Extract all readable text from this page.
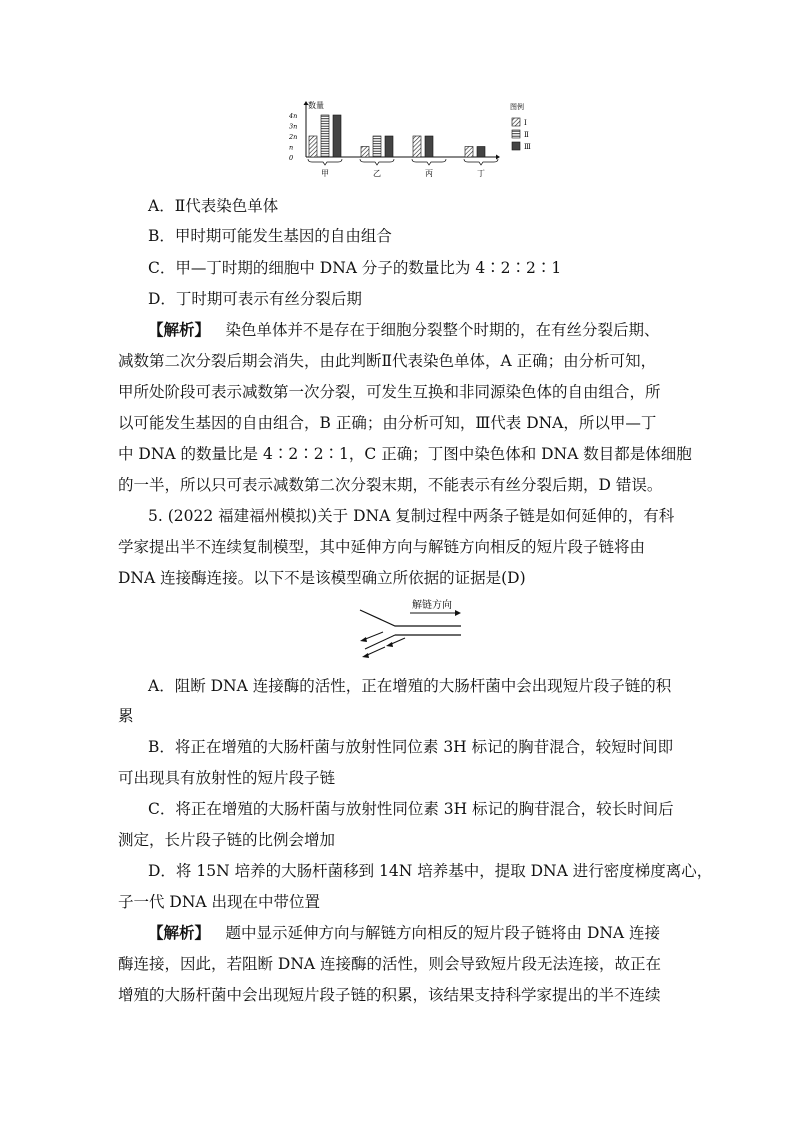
数量
4n
3n
2n
n
0
甲	乙	丙	丁
图例
Ⅰ
Ⅱ
Ⅲ
A．Ⅱ代表染色单体
B．甲时期可能发生基因的自由组合
C．甲—丁时期的细胞中 DNA 分子的数量比为 4∶2∶2∶1
D．丁时期可表示有丝分裂后期
【解析】  染色单体并不是存在于细胞分裂整个时期的，在有丝分裂后期、
减数第二次分裂后期会消失，由此判断Ⅱ代表染色单体，A 正确；由分析可知，
甲所处阶段可表示减数第一次分裂，可发生互换和非同源染色体的自由组合，所
以可能发生基因的自由组合，B 正确；由分析可知，Ⅲ代表 DNA，所以甲—丁
中 DNA 的数量比是 4∶2∶2∶1，C 正确；丁图中染色体和 DNA 数目都是体细胞
的一半，所以只可表示减数第二次分裂末期，不能表示有丝分裂后期，D 错误。
5. (2022 福建福州模拟)关于 DNA 复制过程中两条子链是如何延伸的，有科
学家提出半不连续复制模型，其中延伸方向与解链方向相反的短片段子链将由
DNA 连接酶连接。以下不是该模型确立所依据的证据是(D)
解链方向
A．阻断 DNA 连接酶的活性，正在增殖的大肠杆菌中会出现短片段子链的积
累
B．将正在增殖的大肠杆菌与放射性同位素 3H 标记的胸苷混合，较短时间即
可出现具有放射性的短片段子链
C．将正在增殖的大肠杆菌与放射性同位素 3H 标记的胸苷混合，较长时间后
测定，长片段子链的比例会增加
D．将 15N 培养的大肠杆菌移到 14N 培养基中，提取 DNA 进行密度梯度离心，
子一代 DNA 出现在中带位置
【解析】  题中显示延伸方向与解链方向相反的短片段子链将由 DNA 连接
酶连接，因此，若阻断 DNA 连接酶的活性，则会导致短片段无法连接，故正在
增殖的大肠杆菌中会出现短片段子链的积累，该结果支持科学家提出的半不连续
